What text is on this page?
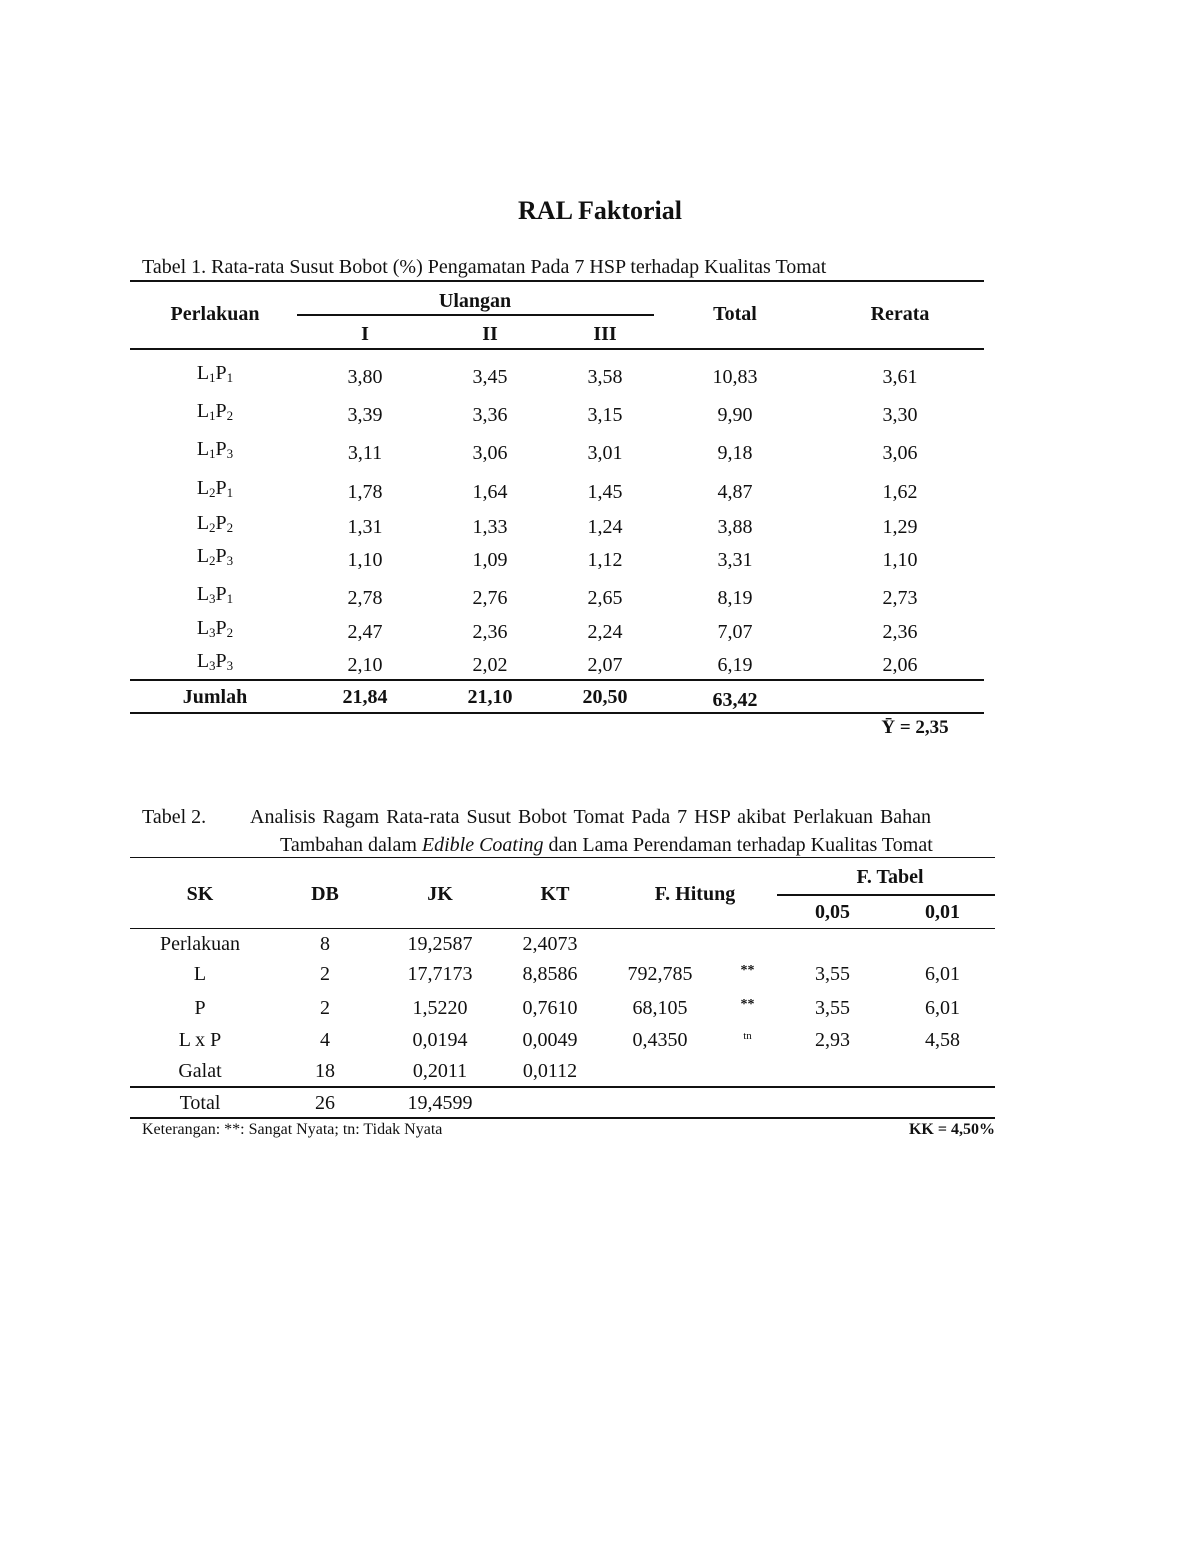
RAL Faktorial
Tabel 1. Rata-rata Susut Bobot (%) Pengamatan Pada 7 HSP terhadap Kualitas Tomat
Perlakuan
Ulangan
I	II	III
Total	Rerata
$L_1P_1$	3,80	3,45	3,58	10,83	3,61
$L_1P_2$	3,39	3,36	3,15	9,90	3,30
$L_1P_3$	3,11	3,06	3,01	9,18	3,06
$L_2P_1$	1,78	1,64	1,45	4,87	1,62
$L_2P_2$	1,31	1,33	1,24	3,88	1,29
$L_2P_3$	1,10	1,09	1,12	3,31	1,10
$L_3P_1$	2,78	2,76	2,65	8,19	2,73
$L_3P_2$	2,47	2,36	2,24	7,07	2,36
$L_3P_3$	2,10	2,02	2,07	6,19	2,06
Jumlah	21,84	21,10	20,50	63,42
Ȳ = 2,35
Tabel 2. Analisis Ragam Rata-rata Susut Bobot Tomat Pada 7 HSP akibat Perlakuan Bahan
Tambahan dalam Edible Coating dan Lama Perendaman terhadap Kualitas Tomat
SK	DB	JK	KT	F. Hitung
F. Tabel
0,05	0,01
Perlakuan	8	19,2587	2,4073
L	2	17,7173	8,8586	792,785	**	3,55	6,01
P	2	1,5220	0,7610	68,105	**	3,55	6,01
L x P	4	0,0194	0,0049	0,4350	tn	2,93	4,58
Galat	18	0,2011	0,0112
Total	26	19,4599
Keterangan: **: Sangat Nyata; tn: Tidak Nyata	KK = 4,50%
